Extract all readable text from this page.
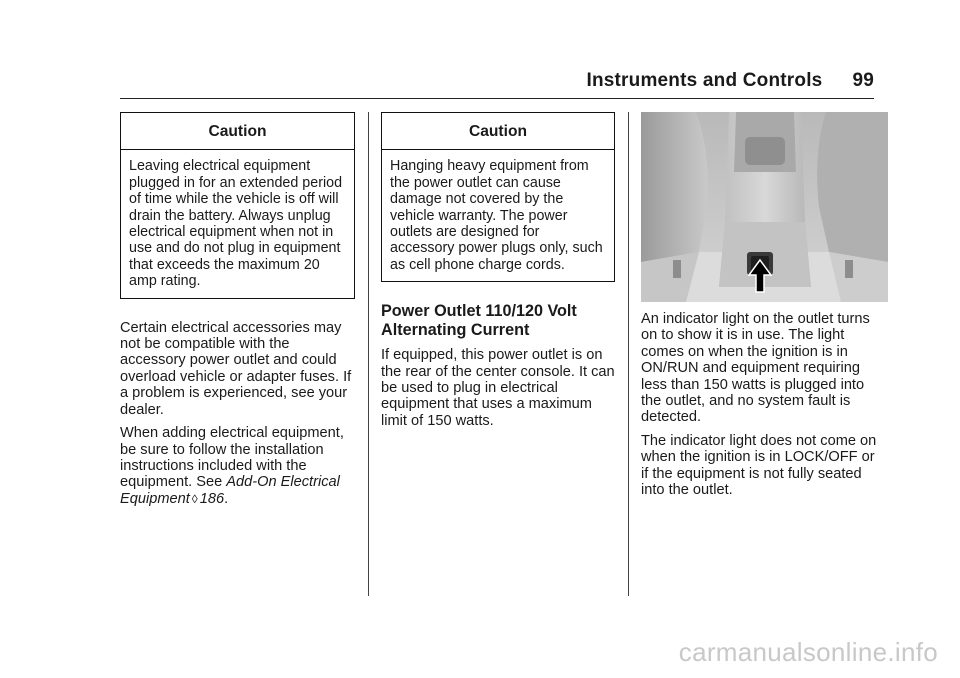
Instruments and Controls 99
Caution

Leaving electrical equipment plugged in for an extended period of time while the vehicle is off will drain the battery. Always unplug electrical equipment when not in use and do not plug in equipment that exceeds the maximum 20 amp rating.

Certain electrical accessories may not be compatible with the accessory power outlet and could overload vehicle or adapter fuses. If a problem is experienced, see your dealer.

When adding electrical equipment, be sure to follow the installation instructions included with the equipment. See Add-On Electrical Equipment ◊ 186.

Caution

Hanging heavy equipment from the power outlet can cause damage not covered by the vehicle warranty. The power outlets are designed for accessory power plugs only, such as cell phone charge cords.

Power Outlet 110/120 Volt Alternating Current

If equipped, this power outlet is on the rear of the center console. It can be used to plug in electrical equipment that uses a maximum limit of 150 watts.

An indicator light on the outlet turns on to show it is in use. The light comes on when the ignition is in ON/RUN and equipment requiring less than 150 watts is plugged into the outlet, and no system fault is detected.

The indicator light does not come on when the ignition is in LOCK/OFF or if the equipment is not fully seated into the outlet.

carmanualsonline.info
